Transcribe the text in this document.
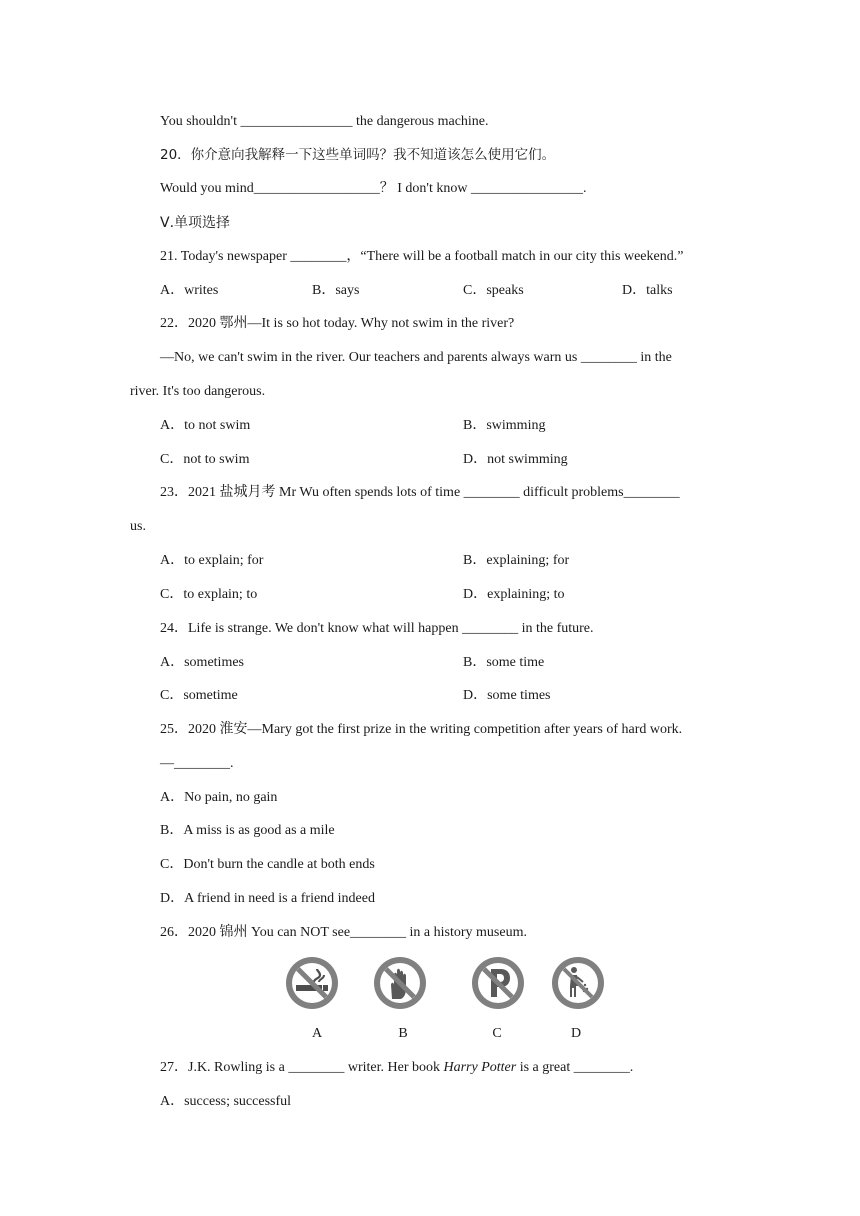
You shouldn't ________________ the dangerous machine.
20．你介意向我解释一下这些单词吗？我不知道该怎么使用它们。
Would you mind__________________？ I don't know ________________.
Ⅴ.单项选择
21. Today's newspaper ________，“There will be a football match in our city this weekend.”
A．writes	B．says	C．speaks	D．talks
22．2020 鄂州—It is so hot today. Why not swim in the river?
—No, we can't swim in the river. Our teachers and parents always warn us ________ in the
river. It's too dangerous.
A．to not swim	B．swimming
C．not to swim	D．not swimming
23．2021 盐城月考 Mr Wu often spends lots of time ________ difficult problems________
us.
A．to explain; for	B．explaining; for
C．to explain; to	D．explaining; to
24．Life is strange. We don't know what will happen ________ in the future.
A．sometimes	B．some time
C．sometime	D．some times
25．2020 淮安—Mary got the first prize in the writing competition after years of hard work.
—________.
A．No pain, no gain
B．A miss is as good as a mile
C．Don't burn the candle at both ends
D．A friend in need is a friend indeed
26．2020 锦州 You can NOT see________ in a history museum.
A	B	C	D
27．J.K. Rowling is a ________ writer. Her book Harry Potter is a great ________.
A．success; successful
